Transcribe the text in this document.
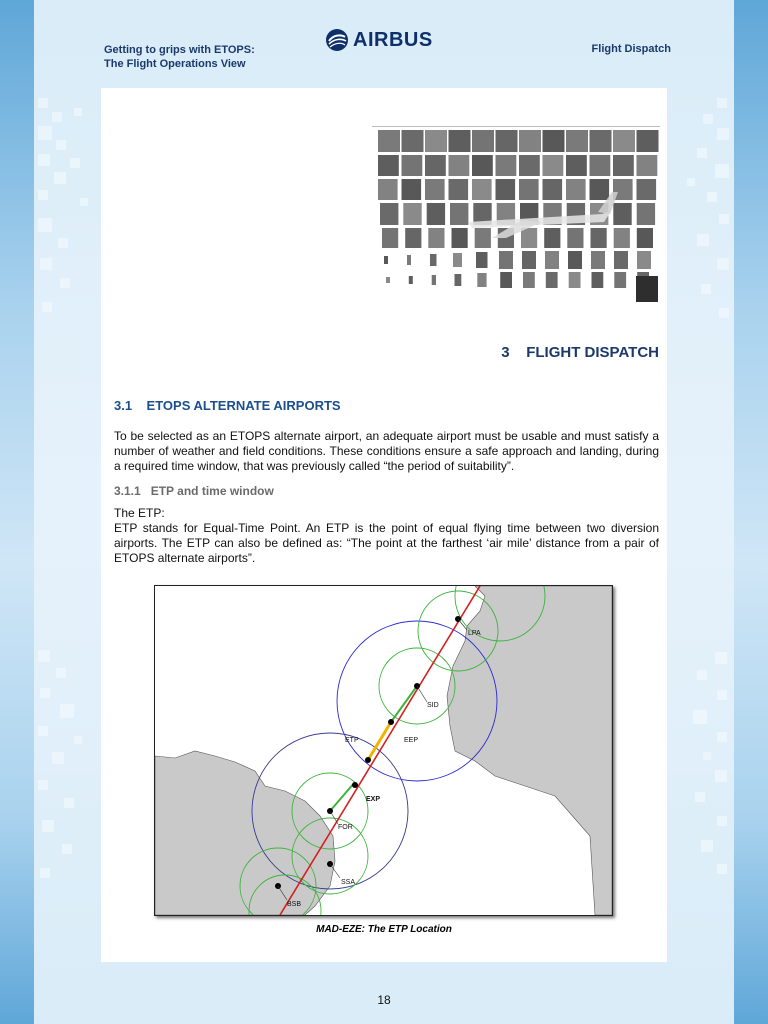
Getting to grips with ETOPS:
The Flight Operations View
AIRBUS	Flight Dispatch
3 FLIGHT DISPATCH
3.1 ETOPS ALTERNATE AIRPORTS
To be selected as an ETOPS alternate airport, an adequate airport must be usable and must satisfy a number of weather and field conditions. These conditions ensure a safe approach and landing, during a required time window, that was previously called “the period of suitability”.
3.1.1 ETP and time window
The ETP:
ETP stands for Equal-Time Point. An ETP is the point of equal flying time between two diversion airports. The ETP can also be defined as: “The point at the farthest ‘air mile’ distance from a pair of ETOPS alternate airports”.
LPA
SID
ETP	EEP
EXP
FOR
SSA
BSB
MAD-EZE: The ETP Location
18
